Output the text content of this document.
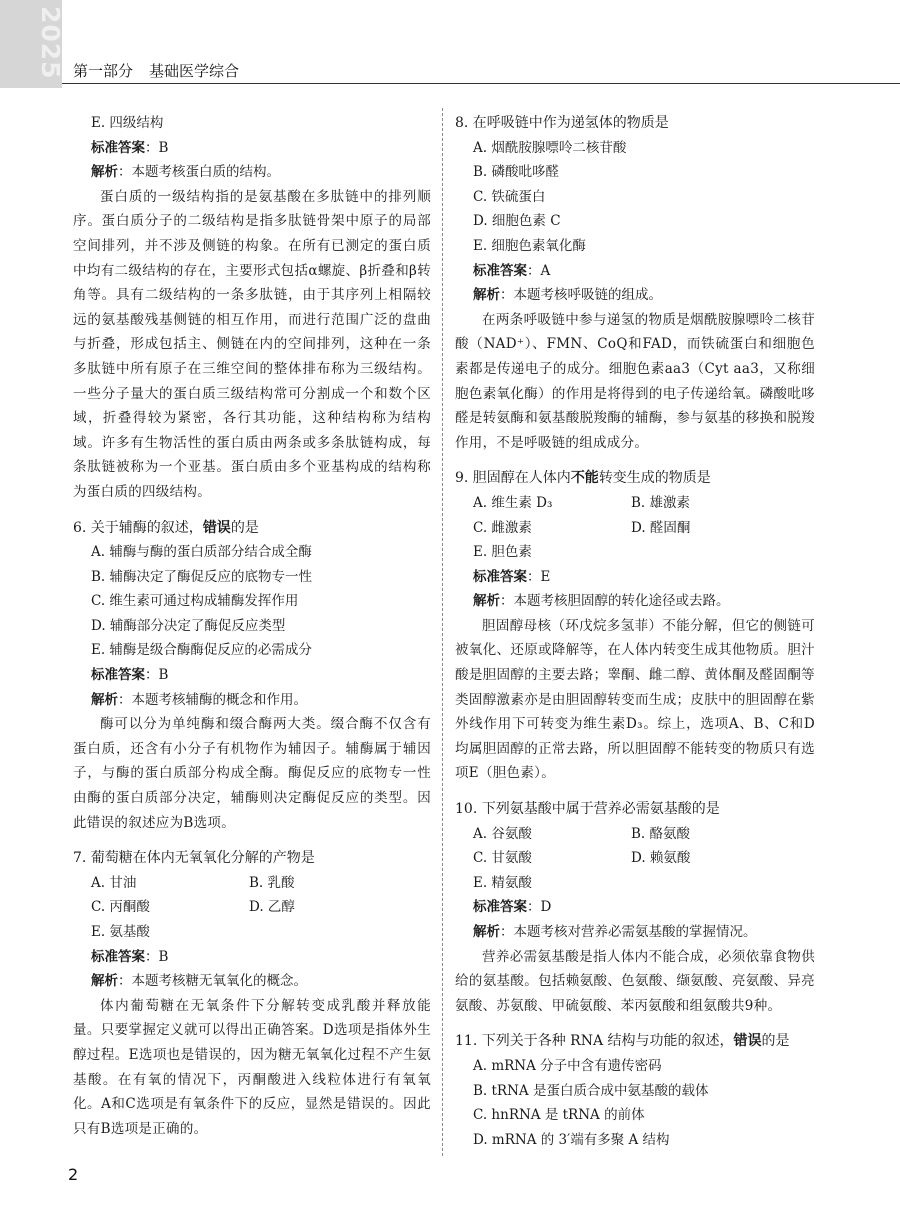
2025 第一部分 基础医学综合
E. 四级结构
标准答案：B
解析：本题考核蛋白质的结构。

蛋白质的一级结构指的是氨基酸在多肽链中的排列顺序。蛋白质分子的二级结构是指多肽链骨架中原子的局部空间排列，并不涉及侧链的构象。在所有已测定的蛋白质中均有二级结构的存在，主要形式包括α螺旋、β折叠和β转角等。具有二级结构的一条多肽链，由于其序列上相隔较远的氨基酸残基侧链的相互作用，而进行范围广泛的盘曲与折叠，形成包括主、侧链在内的空间排列，这种在一条多肽链中所有原子在三维空间的整体排布称为三级结构。一些分子量大的蛋白质三级结构常可分割成一个和数个区域，折叠得较为紧密，各行其功能，这种结构称为结构域。许多有生物活性的蛋白质由两条或多条肽链构成，每条肽链被称为一个亚基。蛋白质由多个亚基构成的结构称为蛋白质的四级结构。

6. 关于辅酶的叙述，错误的是
A. 辅酶与酶的蛋白质部分结合成全酶
B. 辅酶决定了酶促反应的底物专一性
C. 维生素可通过构成辅酶发挥作用
D. 辅酶部分决定了酶促反应类型
E. 辅酶是级合酶酶促反应的必需成分
标准答案：B
解析：本题考核辅酶的概念和作用。

酶可以分为单纯酶和缀合酶两大类。缀合酶不仅含有蛋白质，还含有小分子有机物作为辅因子。辅酶属于辅因子，与酶的蛋白质部分构成全酶。酶促反应的底物专一性由酶的蛋白质部分决定，辅酶则决定酶促反应的类型。因此错误的叙述应为B选项。

7. 葡萄糖在体内无氧氧化分解的产物是
A. 甘油	B. 乳酸
C. 丙酮酸	D. 乙醇
E. 氨基酸
标准答案：B
解析：本题考核糖无氧氧化的概念。

体内葡萄糖在无氧条件下分解转变成乳酸并释放能量。只要掌握定义就可以得出正确答案。D选项是指体外生醇过程。E选项也是错误的，因为糖无氧氧化过程不产生氨基酸。在有氧的情况下，丙酮酸进入线粒体进行有氧氧化。A和C选项是有氧条件下的反应，显然是错误的。因此只有B选项是正确的。

8. 在呼吸链中作为递氢体的物质是
A. 烟酰胺腺嘌呤二核苷酸
B. 磷酸吡哆醛
C. 铁硫蛋白
D. 细胞色素 C
E. 细胞色素氧化酶
标准答案：A
解析：本题考核呼吸链的组成。

在两条呼吸链中参与递氢的物质是烟酰胺腺嘌呤二核苷酸（NAD⁺）、FMN、CoQ和FAD，而铁硫蛋白和细胞色素都是传递电子的成分。细胞色素aa3（Cyt aa3，又称细胞色素氧化酶）的作用是将得到的电子传递给氧。磷酸吡哆醛是转氨酶和氨基酸脱羧酶的辅酶，参与氨基的移换和脱羧作用，不是呼吸链的组成成分。

9. 胆固醇在人体内不能转变生成的物质是
A. 维生素 D₃	B. 雄激素
C. 雌激素	D. 醛固酮
E. 胆色素
标准答案：E
解析：本题考核胆固醇的转化途径或去路。

胆固醇母核（环戊烷多氢菲）不能分解，但它的侧链可被氧化、还原或降解等，在人体内转变生成其他物质。胆汁酸是胆固醇的主要去路；睾酮、雌二醇、黄体酮及醛固酮等类固醇激素亦是由胆固醇转变而生成；皮肤中的胆固醇在紫外线作用下可转变为维生素D₃。综上，选项A、B、C和D均属胆固醇的正常去路，所以胆固醇不能转变的物质只有选项E（胆色素）。

10. 下列氨基酸中属于营养必需氨基酸的是
A. 谷氨酸	B. 酪氨酸
C. 甘氨酸	D. 赖氨酸
E. 精氨酸
标准答案：D
解析：本题考核对营养必需氨基酸的掌握情况。

营养必需氨基酸是指人体内不能合成，必须依靠食物供给的氨基酸。包括赖氨酸、色氨酸、缬氨酸、亮氨酸、异亮氨酸、苏氨酸、甲硫氨酸、苯丙氨酸和组氨酸共9种。

11. 下列关于各种 RNA 结构与功能的叙述，错误的是
A. mRNA 分子中含有遗传密码
B. tRNA 是蛋白质合成中氨基酸的载体
C. hnRNA 是 tRNA 的前体
D. mRNA 的 3′端有多聚 A 结构
2
